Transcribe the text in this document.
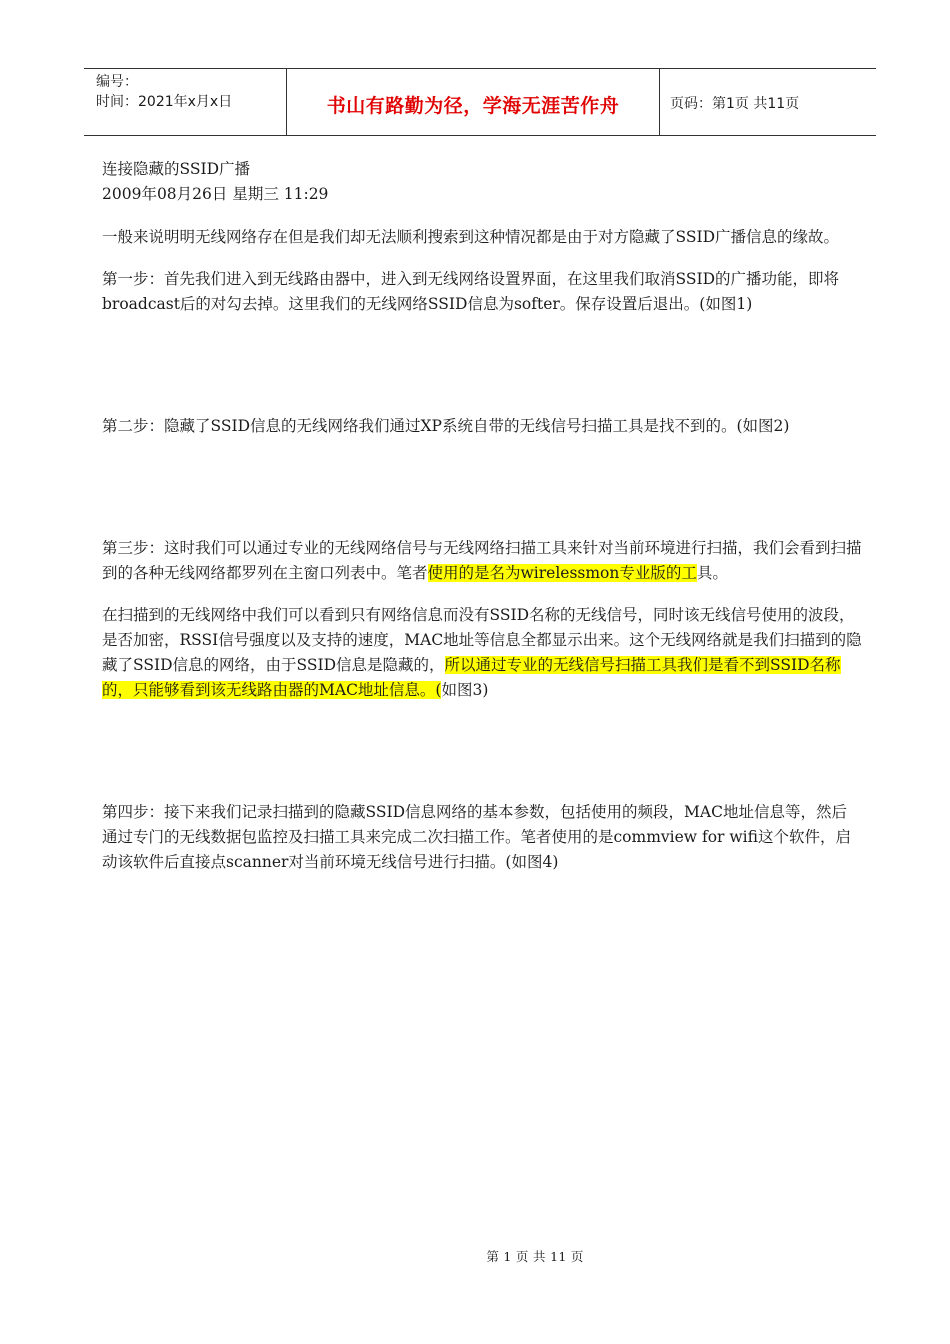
编号：
时间：2021年x月x日	书山有路勤为径，学海无涯苦作舟	页码：第1页 共11页

连接隐藏的SSID广播

2009年08月26日 星期三 11:29

一般来说明明无线网络存在但是我们却无法顺利搜索到这种情况都是由于对方隐藏了SSID广播信息的缘故。

第一步：首先我们进入到无线路由器中，进入到无线网络设置界面，在这里我们取消SSID的广播功能，即将broadcast后的对勾去掉。这里我们的无线网络SSID信息为softer。保存设置后退出。(如图1)

第二步：隐藏了SSID信息的无线网络我们通过XP系统自带的无线信号扫描工具是找不到的。(如图2)

第三步：这时我们可以通过专业的无线网络信号与无线网络扫描工具来针对当前环境进行扫描，我们会看到扫描到的各种无线网络都罗列在主窗口列表中。笔者使用的是名为wirelessmon专业版的工具。

在扫描到的无线网络中我们可以看到只有网络信息而没有SSID名称的无线信号，同时该无线信号使用的波段，是否加密，RSSI信号强度以及支持的速度，MAC地址等信息全都显示出来。这个无线网络就是我们扫描到的隐藏了SSID信息的网络，由于SSID信息是隐藏的，所以通过专业的无线信号扫描工具我们是看不到SSID名称的，只能够看到该无线路由器的MAC地址信息。(如图3)

第四步：接下来我们记录扫描到的隐藏SSID信息网络的基本参数，包括使用的频段，MAC地址信息等，然后通过专门的无线数据包监控及扫描工具来完成二次扫描工作。笔者使用的是commview for wifi这个软件，启动该软件后直接点scanner对当前环境无线信号进行扫描。(如图4)

第 1 页 共 11 页
